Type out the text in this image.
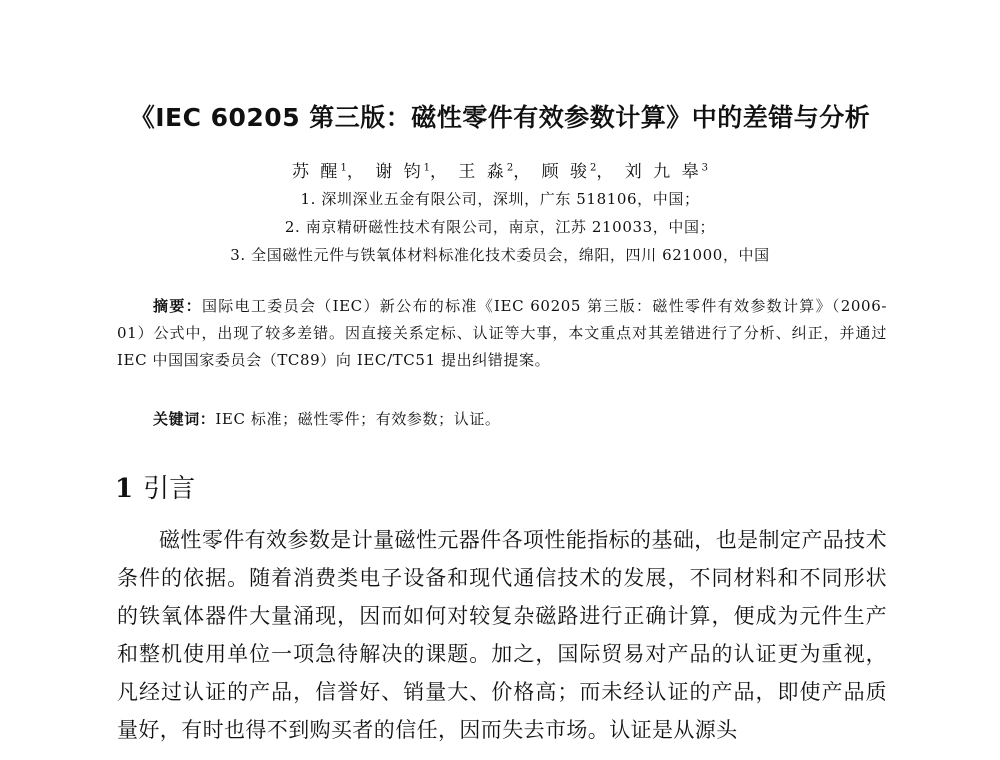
《IEC 60205 第三版：磁性零件有效参数计算》中的差错与分析
苏 醒$^1$， 谢 钧$^1$， 王 淼$^2$， 顾 骏$^2$， 刘 九 皋$^3$
1. 深圳深业五金有限公司，深圳，广东 518106，中国；
2. 南京精研磁性技术有限公司，南京，江苏 210033，中国；
3. 全国磁性元件与铁氧体材料标准化技术委员会，绵阳，四川 621000，中国
摘要：国际电工委员会（IEC）新公布的标准《IEC 60205 第三版：磁性零件有效参数计算》（2006-01）公式中，出现了较多差错。因直接关系定标、认证等大事，本文重点对其差错进行了分析、纠正，并通过 IEC 中国国家委员会（TC89）向 IEC/TC51 提出纠错提案。
关键词：IEC 标准；磁性零件；有效参数；认证。
1 引言
磁性零件有效参数是计量磁性元器件各项性能指标的基础，也是制定产品技术条件的依据。随着消费类电子设备和现代通信技术的发展，不同材料和不同形状的铁氧体器件大量涌现，因而如何对较复杂磁路进行正确计算，便成为元件生产和整机使用单位一项急待解决的课题。加之，国际贸易对产品的认证更为重视，凡经过认证的产品，信誉好、销量大、价格高；而未经认证的产品，即使产品质量好，有时也得不到购买者的信任，因而失去市场。认证是从源头
